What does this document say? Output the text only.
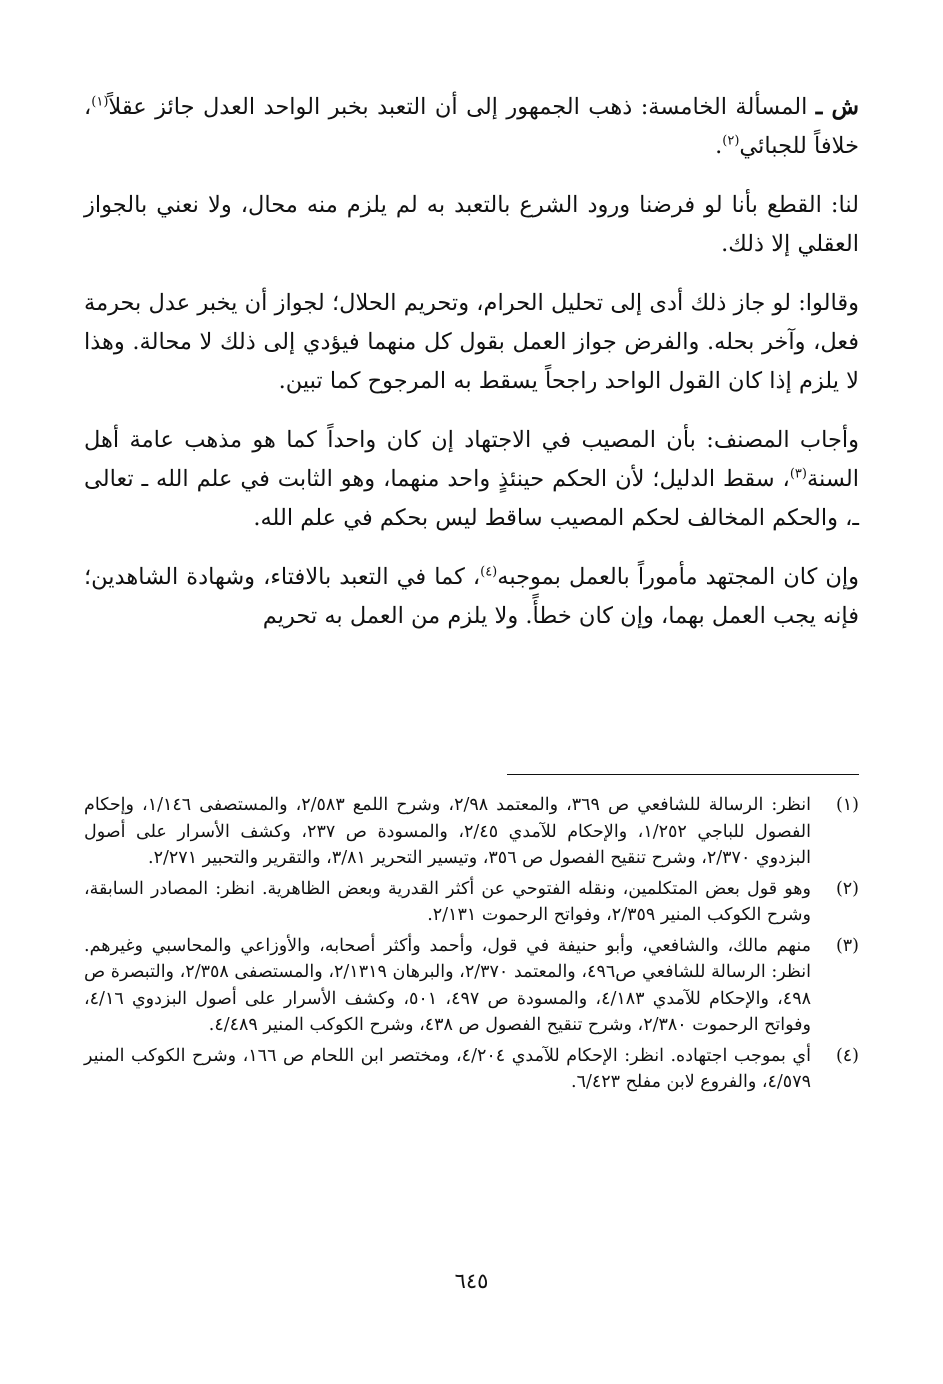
ش ـ المسألة الخامسة: ذهب الجمهور إلى أن التعبد بخبر الواحد العدل جائز عقلاً$^{(١)}$، خلافاً للجبائي$^{(٢)}$.

لنا: القطع بأنا لو فرضنا ورود الشرع بالتعبد به لم يلزم منه محال، ولا نعني بالجواز العقلي إلا ذلك.

وقالوا: لو جاز ذلك أدى إلى تحليل الحرام، وتحريم الحلال؛ لجواز أن يخبر عدل بحرمة فعل، وآخر بحله. والفرض جواز العمل بقول كل منهما فيؤدي إلى ذلك لا محالة. وهذا لا يلزم إذا كان القول الواحد راجحاً يسقط به المرجوح كما تبين.

وأجاب المصنف: بأن المصيب في الاجتهاد إن كان واحداً كما هو مذهب عامة أهل السنة$^{(٣)}$، سقط الدليل؛ لأن الحكم حينئذٍ واحد منهما، وهو الثابت في علم الله ـ تعالى ـ، والحكم المخالف لحكم المصيب ساقط ليس بحكم في علم الله.

وإن كان المجتهد مأموراً بالعمل بموجبه$^{(٤)}$، كما في التعبد بالافتاء، وشهادة الشاهدين؛ فإنه يجب العمل بهما، وإن كان خطأً. ولا يلزم من العمل به تحريم

(١)
انظر: الرسالة للشافعي ص ٣٦٩، والمعتمد ٢/٩٨، وشرح اللمع ٢/٥٨٣، والمستصفى ١/١٤٦، وإحكام الفصول للباجي ١/٢٥٢، والإحكام للآمدي ٢/٤٥، والمسودة ص ٢٣٧، وكشف الأسرار على أصول البزدوي ٢/٣٧٠، وشرح تنقيح الفصول ص ٣٥٦، وتيسير التحرير ٣/٨١، والتقرير والتحبير ٢/٢٧١.
(٢)
وهو قول بعض المتكلمين، ونقله الفتوحي عن أكثر القدرية وبعض الظاهرية. انظر: المصادر السابقة، وشرح الكوكب المنير ٢/٣٥٩، وفواتح الرحموت ٢/١٣١.
(٣)
منهم مالك، والشافعي، وأبو حنيفة في قول، وأحمد وأكثر أصحابه، والأوزاعي والمحاسبي وغيرهم. انظر: الرسالة للشافعي ص٤٩٦، والمعتمد ٢/٣٧٠، والبرهان ٢/١٣١٩، والمستصفى ٢/٣٥٨، والتبصرة ص ٤٩٨، والإحكام للآمدي ٤/١٨٣، والمسودة ص ٤٩٧، ٥٠١، وكشف الأسرار على أصول البزدوي ٤/١٦، وفواتح الرحموت ٢/٣٨٠، وشرح تنقيح الفصول ص ٤٣٨، وشرح الكوكب المنير ٤/٤٨٩.
(٤)
أي بموجب اجتهاده. انظر: الإحكام للآمدي ٤/٢٠٤، ومختصر ابن اللحام ص ١٦٦، وشرح الكوكب المنير ٤/٥٧٩، والفروع لابن مفلح ٦/٤٢٣.
٦٤٥
